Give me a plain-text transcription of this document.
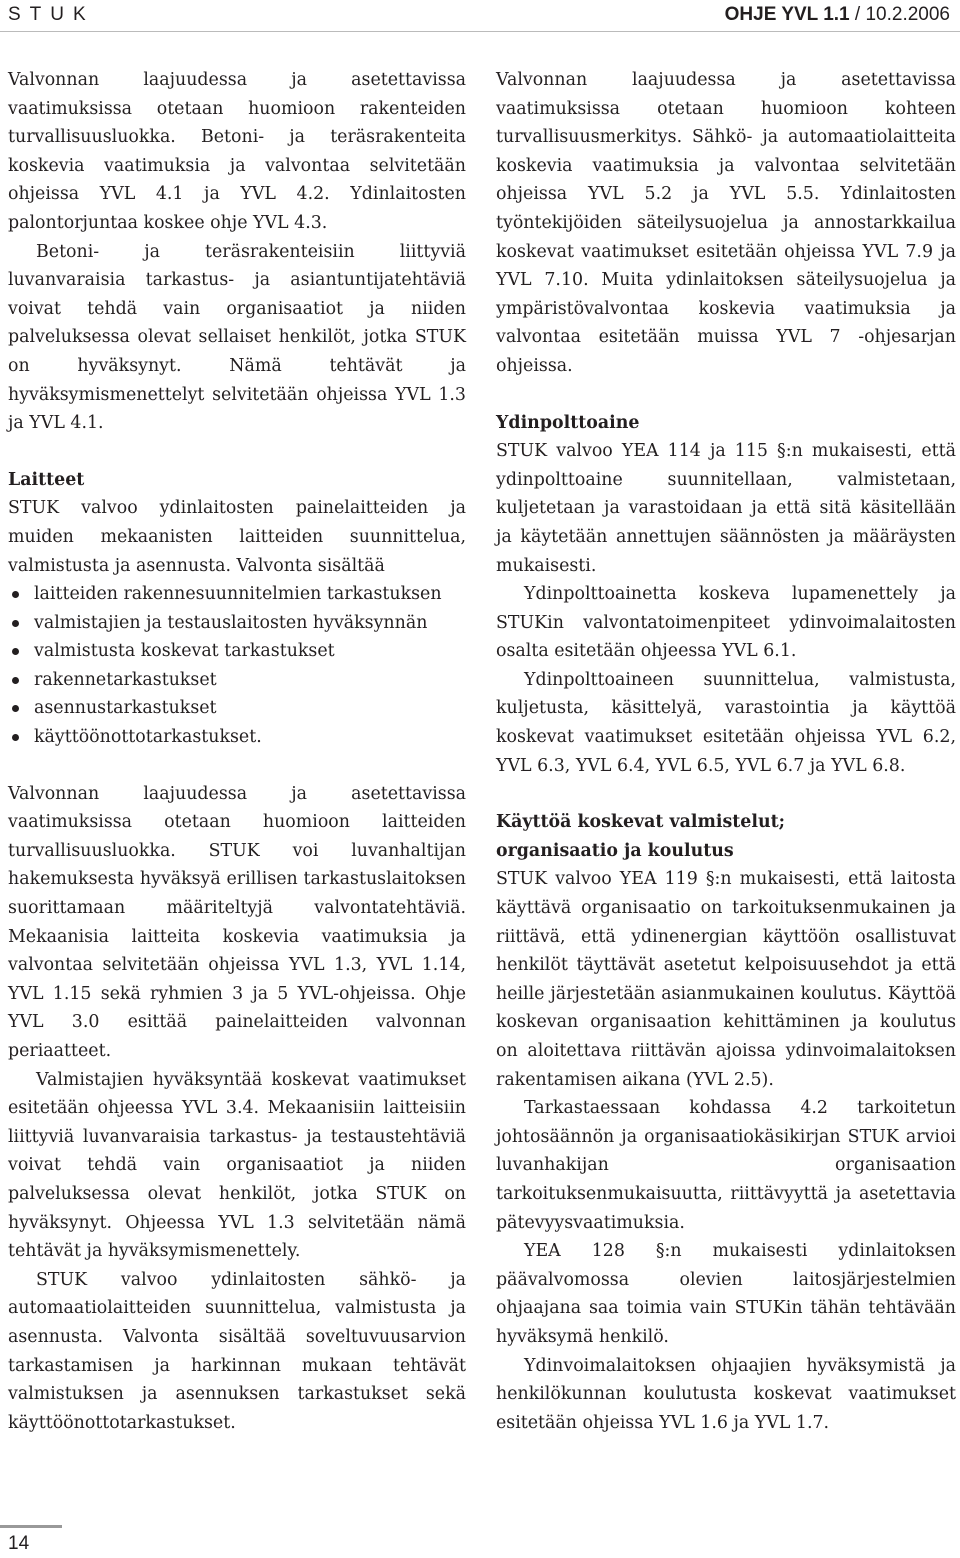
STUK	OHJE YVL 1.1 / 10.2.2006

Valvonnan laajuudessa ja asetettavissa vaatimuksissa otetaan huomioon rakenteiden turvallisuusluokka. Betoni- ja teräsrakenteita koskevia vaatimuksia ja valvontaa selvitetään ohjeissa YVL 4.1 ja YVL 4.2. Ydinlaitosten palontorjuntaa koskee ohje YVL 4.3.

Betoni- ja teräsrakenteisiin liittyviä luvanvaraisia tarkastus- ja asiantuntijatehtäviä voivat tehdä vain organisaatiot ja niiden palveluksessa olevat sellaiset henkilöt, jotka STUK on hyväksynyt. Nämä tehtävät ja hyväksymismenettelyt selvitetään ohjeissa YVL 1.3 ja YVL 4.1.

Laitteet

STUK valvoo ydinlaitosten painelaitteiden ja muiden mekaanisten laitteiden suunnittelua, valmistusta ja asennusta. Valvonta sisältää

laitteiden rakennesuunnitelmien tarkastuksen
valmistajien ja testauslaitosten hyväksynnän
valmistusta koskevat tarkastukset
rakennetarkastukset
asennustarkastukset
käyttöönottotarkastukset.

Valvonnan laajuudessa ja asetettavissa vaatimuksissa otetaan huomioon laitteiden turvallisuusluokka. STUK voi luvanhaltijan hakemuksesta hyväksyä erillisen tarkastuslaitoksen suorittamaan määriteltyjä valvontatehtäviä. Mekaanisia laitteita koskevia vaatimuksia ja valvontaa selvitetään ohjeissa YVL 1.3, YVL 1.14, YVL 1.15 sekä ryhmien 3 ja 5 YVL-ohjeissa. Ohje YVL 3.0 esittää painelaitteiden valvonnan periaatteet.

Valmistajien hyväksyntää koskevat vaatimukset esitetään ohjeessa YVL 3.4. Mekaanisiin laitteisiin liittyviä luvanvaraisia tarkastus- ja testaustehtäviä voivat tehdä vain organisaatiot ja niiden palveluksessa olevat henkilöt, jotka STUK on hyväksynyt. Ohjeessa YVL 1.3 selvitetään nämä tehtävät ja hyväksymismenettely.

STUK valvoo ydinlaitosten sähkö- ja automaatiolaitteiden suunnittelua, valmistusta ja asennusta. Valvonta sisältää soveltuvuusarvion tarkastamisen ja harkinnan mukaan tehtävät valmistuksen ja asennuksen tarkastukset sekä käyttöönottotarkastukset.

Valvonnan laajuudessa ja asetettavissa vaatimuksissa otetaan huomioon kohteen turvallisuusmerkitys. Sähkö- ja automaatiolaitteita koskevia vaatimuksia ja valvontaa selvitetään ohjeissa YVL 5.2 ja YVL 5.5. Ydinlaitosten työntekijöiden säteilysuojelua ja annostarkkailua koskevat vaatimukset esitetään ohjeissa YVL 7.9 ja YVL 7.10. Muita ydinlaitoksen säteilysuojelua ja ympäristövalvontaa koskevia vaatimuksia ja valvontaa esitetään muissa YVL 7 -ohjesarjan ohjeissa.

Ydinpolttoaine

STUK valvoo YEA 114 ja 115 §:n mukaisesti, että ydinpolttoaine suunnitellaan, valmistetaan, kuljetetaan ja varastoidaan ja että sitä käsitellään ja käytetään annettujen säännösten ja määräysten mukaisesti.

Ydinpolttoainetta koskeva lupamenettely ja STUKin valvontatoimenpiteet ydinvoimalaitosten osalta esitetään ohjeessa YVL 6.1.

Ydinpolttoaineen suunnittelua, valmistusta, kuljetusta, käsittelyä, varastointia ja käyttöä koskevat vaatimukset esitetään ohjeissa YVL 6.2, YVL 6.3, YVL 6.4, YVL 6.5, YVL 6.7 ja YVL 6.8.

Käyttöä koskevat valmistelut;
organisaatio ja koulutus

STUK valvoo YEA 119 §:n mukaisesti, että laitosta käyttävä organisaatio on tarkoituksenmukainen ja riittävä, että ydinenergian käyttöön osallistuvat henkilöt täyttävät asetetut kelpoisuusehdot ja että heille järjestetään asianmukainen koulutus. Käyttöä koskevan organisaation kehittäminen ja koulutus on aloitettava riittävän ajoissa ydinvoimalaitoksen rakentamisen aikana (YVL 2.5).

Tarkastaessaan kohdassa 4.2 tarkoitetun johtosäännön ja organisaatiokäsikirjan STUK arvioi luvanhakijan organisaation tarkoituksenmukaisuutta, riittävyyttä ja asetettavia pätevyysvaatimuksia.

YEA 128 §:n mukaisesti ydinlaitoksen päävalvomossa olevien laitosjärjestelmien ohjaajana saa toimia vain STUKin tähän tehtävään hyväksymä henkilö.

Ydinvoimalaitoksen ohjaajien hyväksymistä ja henkilökunnan koulutusta koskevat vaatimukset esitetään ohjeissa YVL 1.6 ja YVL 1.7.

14
